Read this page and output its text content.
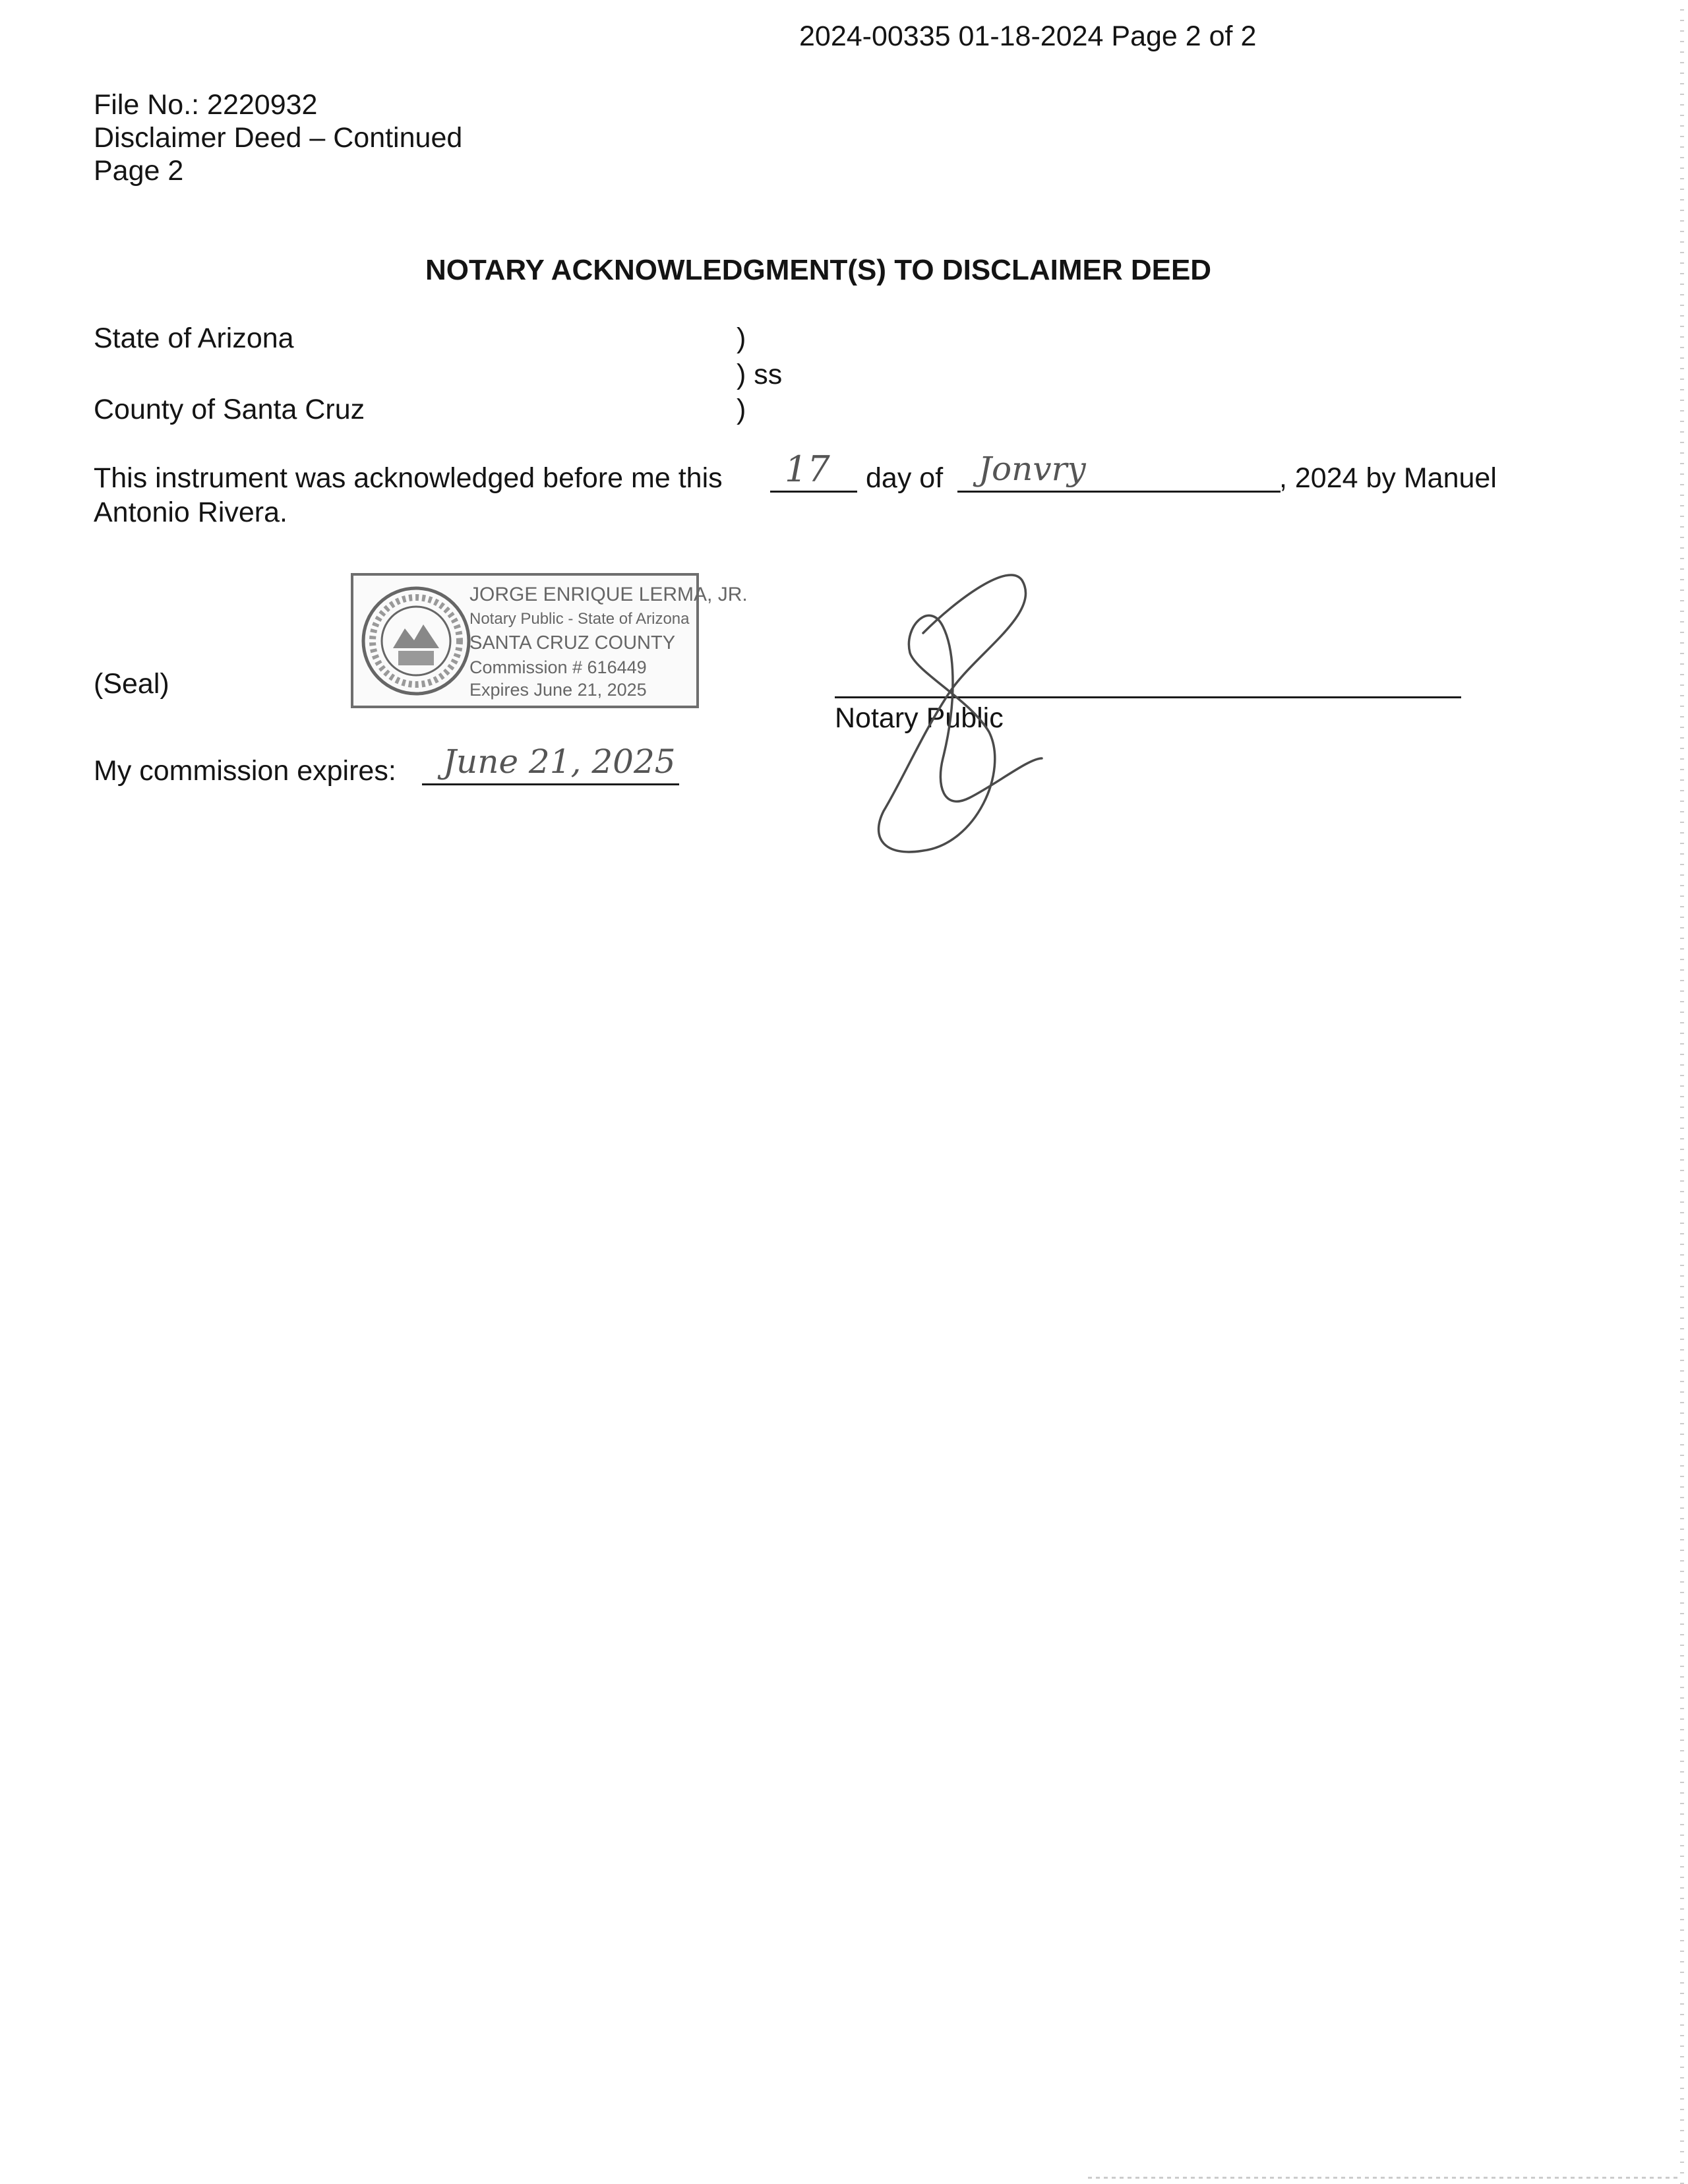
2024-00335 01-18-2024 Page 2 of 2
File No.: 2220932
Disclaimer Deed – Continued
Page 2
NOTARY ACKNOWLEDGMENT(S) TO DISCLAIMER DEED
State of Arizona	)
) ss
County of Santa Cruz	)
This instrument was acknowledged before me this 17 day of Jonvry	, 2024 by Manuel
Antonio Rivera.
(Seal)
JORGE ENRIQUE LERMA, JR.
Notary Public - State of Arizona
SANTA CRUZ COUNTY
Commission # 616449
Expires June 21, 2025
Notary Public
My commission expires: June 21, 2025
